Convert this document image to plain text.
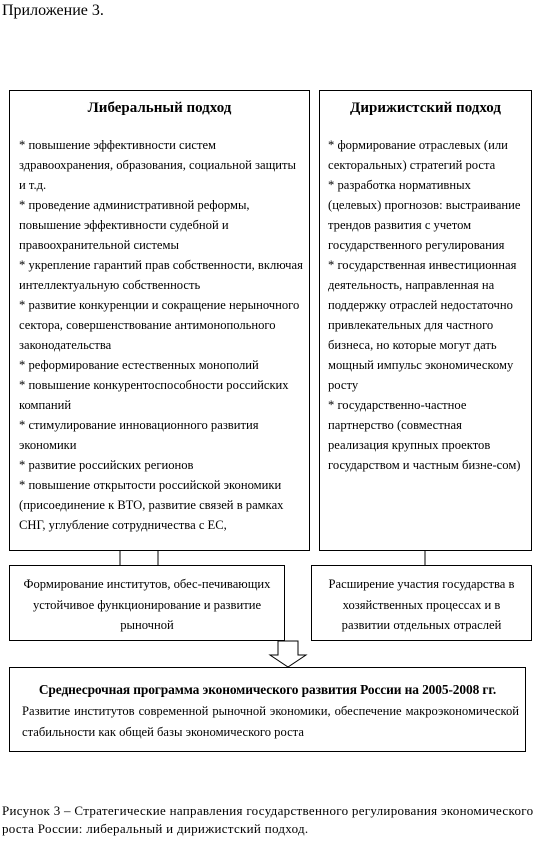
Приложение 3.
Либеральный подход
* повышение эффективности систем здравоохранения, образования, социальной защиты и т.д.
* проведение административной реформы, повышение эффективности судебной и правоохранительной системы
* укрепление гарантий прав собственности, включая интеллектуальную собственность
* развитие конкуренции и сокращение нерыночного сектора, совершенствование антимонопольного законодательства
* реформирование естественных монополий
* повышение конкурентоспособности российских компаний
* стимулирование инновационного развития экономики
* развитие российских регионов
* повышение открытости российской экономики (присоединение к ВТО, развитие связей в рамках СНГ, углубление сотрудничества с ЕС,
Дирижистский подход
* формирование отраслевых (или секторальных) стратегий роста
* разработка нормативных (целевых) прогнозов: выстраивание трендов развития с учетом государственного регулирования
* государственная инвестиционная деятельность, направленная на поддержку отраслей недостаточно привлекательных для частного бизнеса, но которые могут дать мощный импульс экономическому росту
* государственно-частное партнерство (совместная реализация крупных проектов государством и частным бизне-сом)
Формирование институтов, обес-печивающих устойчивое функционирование и развитие рыночной
Расширение участия государства в хозяйственных процессах и в развитии отдельных отраслей
Среднесрочная программа экономического развития России на 2005-2008 гг.
Развитие институтов современной рыночной экономики, обеспечение макроэкономической стабильности как общей базы экономического роста
Рисунок 3 – Стратегические направления государственного регулирования экономического роста России: либеральный и дирижистский подход.
